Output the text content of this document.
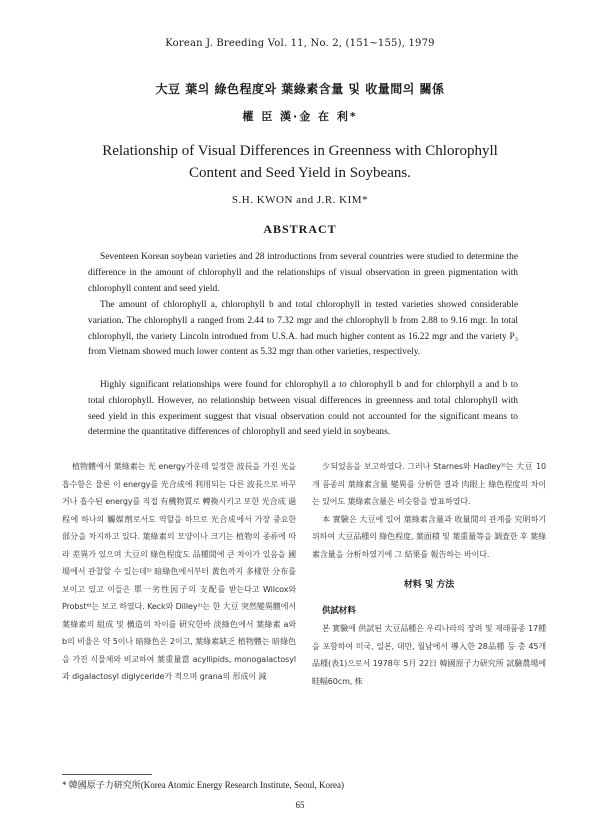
Korean J. Breeding Vol. 11, No. 2, (151~155), 1979
大豆 葉의 綠色程度와 葉綠素含量 및 收量間의 關係
權 臣 漢·金 在 利*
Relationship of Visual Differences in Greenness with Chlorophyll
Content and Seed Yield in Soybeans.
S.H. KWON and J.R. KIM*
ABSTRACT

Seventeen Korean soybean varieties and 28 introductions from several countries were studied to determine the difference in the amount of chlorophyll and the relationships of visual observation in green pigmentation with chlorophyll content and seed yield.

The amount of chlorophyll a, chlorophyll b and total chlorophyll in tested varieties showed considerable variation. The chlorophyll a ranged from 2.44 to 7.32 mgr and the chlorophyll b from 2.88 to 9.16 mgr. In total chlorophyll, the variety Lincoln introdued from U.S.A. had much higher content as 16.22 mgr and the variety P₃ from Vietnam showed much lower content as 5.32 mgr than other varieties, respectively.

Highly significant relationships were found for chlorophyll a to chlorophyll b and for chlorphyll a and b to total chlorophyll. However, no relationship between visual differences in greenness and total chlorophyll with seed yield in this experiment suggest that visual observation could not accounted for the significant means to determine the quantitative differences of chlorophyll and seed yield in soybeans.

植物體에서 葉綠素는 光 energy가운데 일정한 波長을 가진 光을 흡수함은 물론 이 energy를 光合成에 利用되는 다른 波長으로 바꾸거나 흡수된 energy를 직접 有機物質로 轉換시키고 또한 光合成 過程에 하나의 觸媒劑로서도 역할을 하므로 光合成에서 가장 중요한 部分을 차지하고 있다. 葉綠素의 모양이나 크기는 植物의 종류에 따라 差異가 있으며 大豆의 綠色程度도 品種間에 큰 차이가 있음을 圃場에서 관찰할 수 있는데⁵⁾ 暗綠色에서부터 黃色까지 多樣한 分布를 보이고 있고 이들은 單一劣性因子의 支配를 받는다고 Wilcox와 Probst⁶⁾는 보고 하였다. Keck와 Dilley²⁾는 한 大豆 突然變異體에서 葉綠素의 組成 및 構造의 차이를 研究한바 淡綠色에서 葉綠素 a와 b의 비율은 약 5이나 暗綠色은 2이고, 葉綠素缺乏 植物體는 暗綠色을 가진 식물체와 비교하여 葉重量當 acyllipids, monogalactosyl과 digalactosyl diglyceride가 적으며 grana의 形成이 減

少되었음을 보고하였다. 그러나 Starnes와 Hadley³⁾는 大豆 10개 품종의 葉綠素含量 變異를 分析한 결과 肉眼上 綠色程度의 차이는 있어도 葉綠素含量은 비슷함을 발표하였다.

本 實驗은 大豆에 있어 葉綠素含量과 收量間의 관계를 究明하기 위하여 大豆品種의 綠色程度, 葉面積 및 葉重量等을 調査한 후 葉綠素含量을 分析하였기에 그 結果를 報告하는 바이다.

材料 및 方法
供試材料

본 實驗에 供試된 大豆品種은 우리나라의 장려 및 재래품종 17種을 포함하여 미국, 일본, 대만, 월남에서 導入한 28品種 등 총 45개 品種(表1)으로서 1978年 5月 22日 韓國原子力研究所 試驗農場에 畦幅60cm, 株

* 韓國原子力研究所(Korea Atomic Energy Research Institute, Seoul, Korea)
65
